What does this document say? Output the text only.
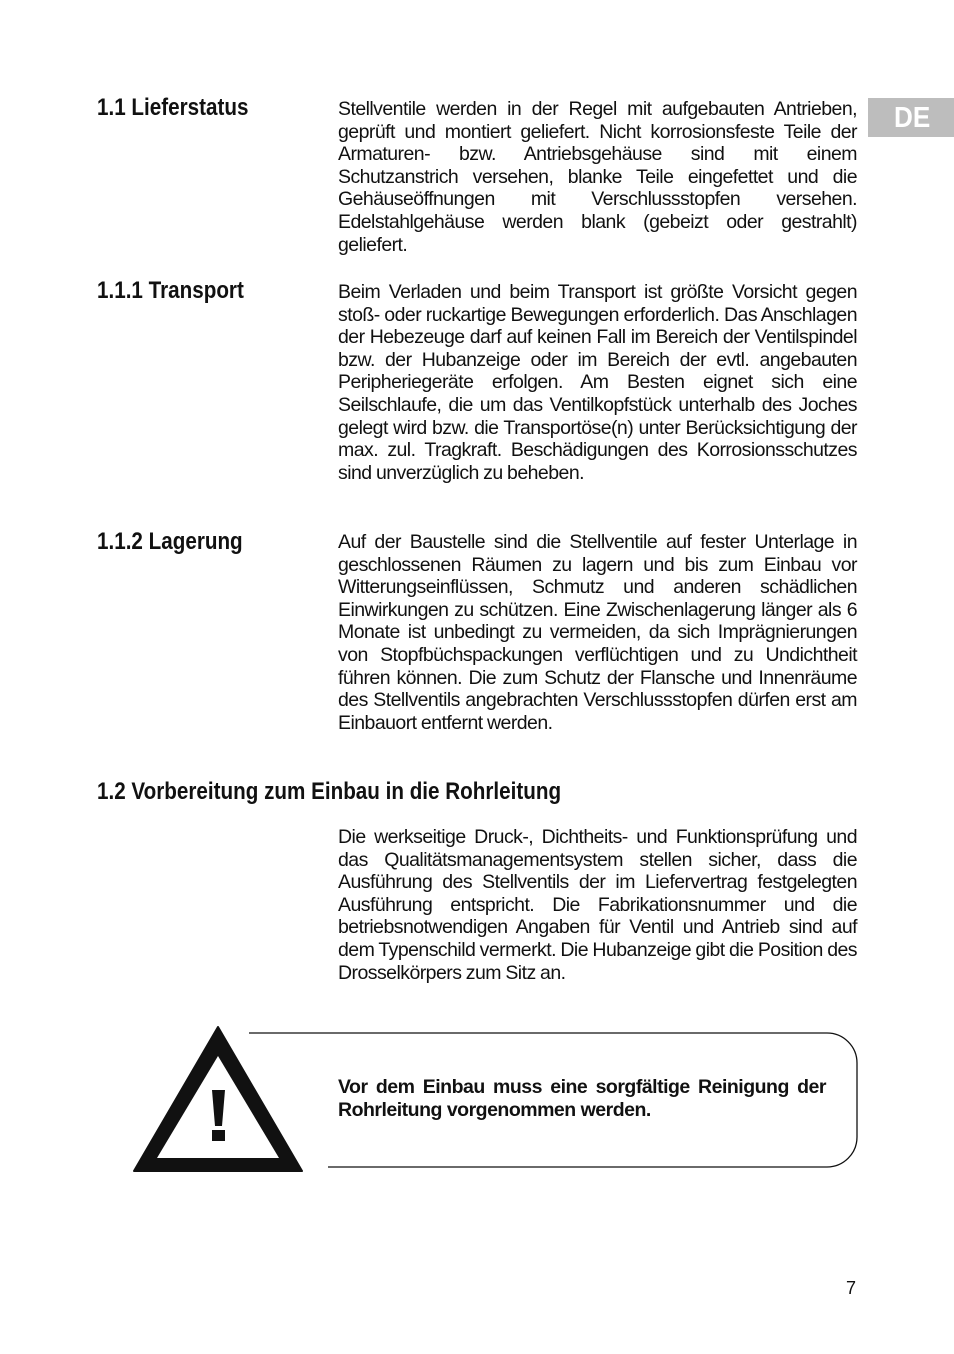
DE
1.1 Lieferstatus	Stellventile werden in der Regel mit aufgebauten Antrieben, geprüft und montiert geliefert. Nicht korrosionsfeste Teile der Armaturen- bzw. Antriebsgehäuse sind mit einem Schutzanstrich versehen, blanke Teile eingefettet und die Gehäuseöffnungen mit Verschlussstopfen versehen. Edelstahlgehäuse werden blank (gebeizt oder gestrahlt) geliefert.

1.1.1 Transport	Beim Verladen und beim Transport ist größte Vorsicht gegen stoß- oder ruckartige Bewegungen erforderlich. Das Anschlagen der Hebezeuge darf auf keinen Fall im Bereich der Ventilspindel bzw. der Hubanzeige oder im Bereich der evtl. angebauten Peripheriegeräte erfolgen. Am Besten eignet sich eine Seilschlaufe, die um das Ventilkopfstück unterhalb des Joches gelegt wird bzw. die Transportöse(n) unter Berücksichtigung der max. zul. Tragkraft. Beschädigungen des Korrosionsschutzes sind unverzüglich zu beheben.

1.1.2 Lagerung	Auf der Baustelle sind die Stellventile auf fester Unterlage in geschlossenen Räumen zu lagern und bis zum Einbau vor Witterungseinflüssen, Schmutz und anderen schädlichen Einwirkungen zu schützen. Eine Zwischenlagerung länger als 6 Monate ist unbedingt zu vermeiden, da sich Imprägnierungen von Stopfbüchspackungen verflüchtigen und zu Undichtheit führen können. Die zum Schutz der Flansche und Innenräume des Stellventils angebrachten Verschlussstopfen dürfen erst am Einbauort entfernt werden.

1.2 Vorbereitung zum Einbau in die Rohrleitung

Die werkseitige Druck-, Dichtheits- und Funktionsprüfung und das Qualitätsmanagementsystem stellen sicher, dass die Ausführung des Stellventils der im Liefervertrag festgelegten Ausführung entspricht. Die Fabrikationsnummer und die betriebsnotwendigen Angaben für Ventil und Antrieb sind auf dem Typenschild vermerkt. Die Hubanzeige gibt die Position des Drosselkörpers zum Sitz an.

Vor dem Einbau muss eine sorgfältige Reinigung der Rohrleitung vorgenommen werden.

7
